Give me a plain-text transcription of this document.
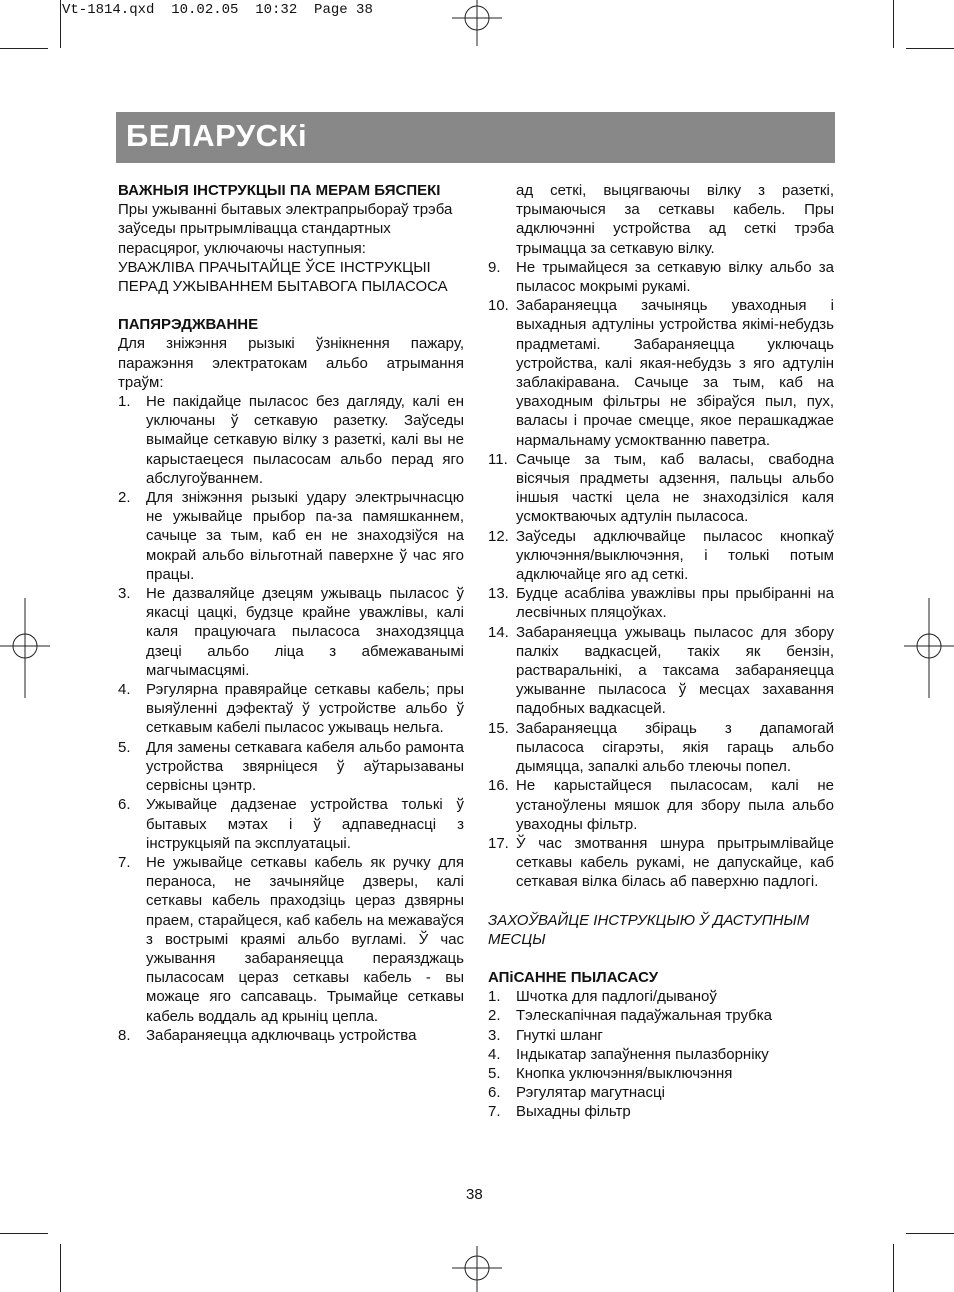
Vt-1814.qxd  10.02.05  10:32  Page 38
БЕЛАРУСКi

ВАЖНЫЯ IНСТРУКЦЫI ПА МЕРАМ БЯСПЕКI

Пры ужываннi бытавых электрапрыбораў трэба заўседы прытрымлiвацца стандартных перасцярог, уключаючы наступныя:

УВАЖЛIВА ПРАЧЫТАЙЦЕ ЎСЕ IНСТРУКЦЫI ПЕРАД УЖЫВАННЕМ БЫТАВОГА ПЫЛАСОСА

ПАПЯРЭДЖВАННЕ

Для зніжэння рызыкі ўзнікнення пажару, паражэння электратокам альбо атрымання траўм:

1. Не пакідайце пыласос без дагляду, калі ен уключаны ў сеткавую разетку. Заўседы вымайце сеткавую вілку з разеткi, калi вы не карыстаецеся пыласосам альбо перад яго абслугоўваннем.
2. Для зніжэння рызыкі удару электрычнасцю не ужывайце прыбор па-за памяшканнем, сачыце за тым, каб ен не знаходзіўся на мокрай альбо вільготнай паверхне ў час яго працы.
3. Не дазваляйце дзецям ужываць пыласос ў якасці цацкі, будзце крайне уважлівы, калі каля працуючага пыласоса знаходзяцца дзеці альбо ліца з абмежаванымі магчымасцямі.
4. Рэгулярна правярайце сеткавы кабель; пры выяўленні дэфектаў ў устройстве альбо ў сеткавым кабелі пыласос ужываць нельга.
5. Для замены сеткавага кабеля альбо рамонта устройства звярніцеся ў аўтарызаваны сервісны цэнтр.
6. Ужывайце дадзенае устройства толькі ў бытавых мэтах і ў адпаведнасці з інструкцыяй па эксплуатацыі.
7. Не ужывайце сеткавы кабель як ручку для пераноса, не зачыняйце дзверы, калі сеткавы кабель праходзіць цераз дзвярны праем, старайцеся, каб кабель на межаваўся з вострымі краямі альбо вугламі. Ў час ужывання забараняецца пераязджаць пыласосам цераз сеткавы кабель - вы можаце яго сапсаваць. Трымайце сеткавы кабель воддаль ад крыніц цепла.
8. Забараняецца адключваць устройства
ад сеткі, выцягваючы вілку з разеткі, трымаючыся за сеткавы кабель. Пры адключэнні устройства ад сеткі трэба трымацца за сеткавую вілку.
9. Не трымайцеся за сеткавую вілку альбо за пыласос мокрымі рукамі.
10. Забараняецца зачыняць уваходныя і выхадныя адтуліны устройства якімі-небудзь прадметамі. Забараняецца уключаць устройства, калі якая-небудзь з яго адтулін заблакіравана. Сачыце за тым, каб на уваходным фільтры не збіраўся пыл, пух, валасы і прочае смецце, якое перашкаджае нармальнаму усмоктванню паветра.
11. Сачыце за тым, каб валасы, свабодна вісячыя прадметы адзення, пальцы альбо іншыя часткі цела не знаходзіліся каля усмоктваючых адтулін пыласоса.
12. Заўседы адключвайце пыласос кнопкаў уключэння/выключэння, і толькі потым адключайце яго ад сеткі.
13. Будце асабліва уважлівы пры прыбіранні на лесвічных пляцоўках.
14. Забараняецца ужываць пыласос для збору палкіх вадкасцей, такіх як бензін, растваральнікі, а таксама забараняецца ужыванне пыласоса ў месцах захавання падобных вадкасцей.
15. Забараняецца збіраць з дапамогай пыласоса сігарэты, якія гараць альбо дымяцца, запалкі альбо тлеючы попел.
16. Не карыстайцеся пыласосам, калі не устаноўлены мяшок для збору пыла альбо уваходны фільтр.
17. Ў час змотвання шнура прытрымлівайце сеткавы кабель рукамі, не дапускайце, каб сеткавая вілка білась аб паверхню падлогі.

ЗАХОЎВАЙЦЕ ІНСТРУКЦЫЮ Ў ДАСТУПНЫМ МЕСЦЫ

АПiСАННЕ ПЫЛАСАСУ

1. Шчотка для падлогі/дываноў
2. Тэлескапічная падаўжальная трубка
3. Гнуткі шланг
4. Індыкатар запаўнення пылазборніку
5. Кнопка уключэння/выключэння
6. Рэгулятар магутнасці
7. Выхадны фільтр
38
